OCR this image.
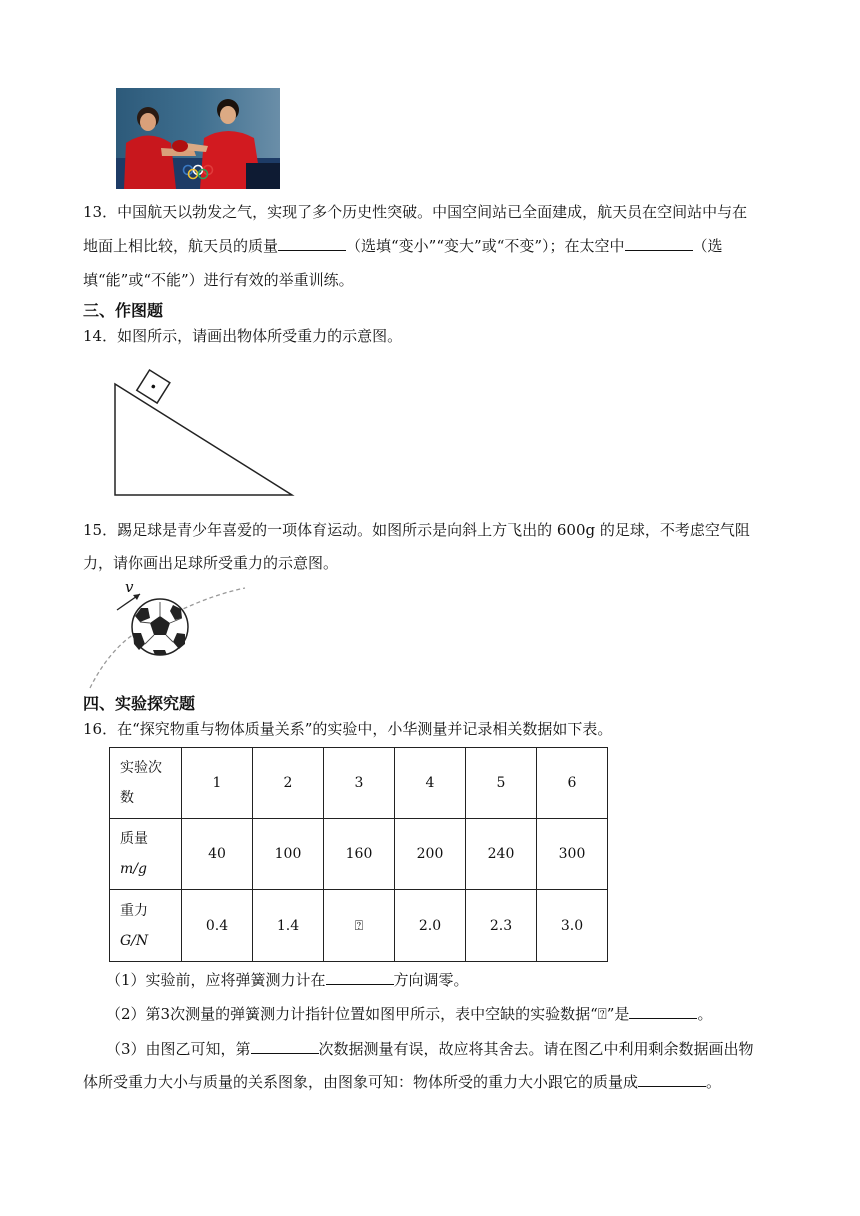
13．中国航天以勃发之气，实现了多个历史性突破。中国空间站已全面建成，航天员在空间站中与在
地面上相比较，航天员的质量	（选填“变小”“变大”或“不变”）；在太空中	（选
填“能”或“不能”）进行有效的举重训练。
三、作图题
14．如图所示，请画出物体所受重力的示意图。
15．踢足球是青少年喜爱的一项体育运动。如图所示是向斜上方飞出的 600g 的足球，不考虑空气阻
力，请你画出足球所受重力的示意图。
v
四、实验探究题
16．在“探究物重与物体质量关系”的实验中，小华测量并记录相关数据如下表。
实验次
数	1	2	3	4	5	6

质量
m/g	40	100	160	200	240	300

重力
G/N	0.4	1.4	⍰	2.0	2.3	3.0
（1）实验前，应将弹簧测力计在	方向调零。
（2）第3次测量的弹簧测力计指针位置如图甲所示，表中空缺的实验数据“⍰”是	。
（3）由图乙可知，第	次数据测量有误，故应将其舍去。请在图乙中利用剩余数据画出物
体所受重力大小与质量的关系图象，由图象可知：物体所受的重力大小跟它的质量成	。
